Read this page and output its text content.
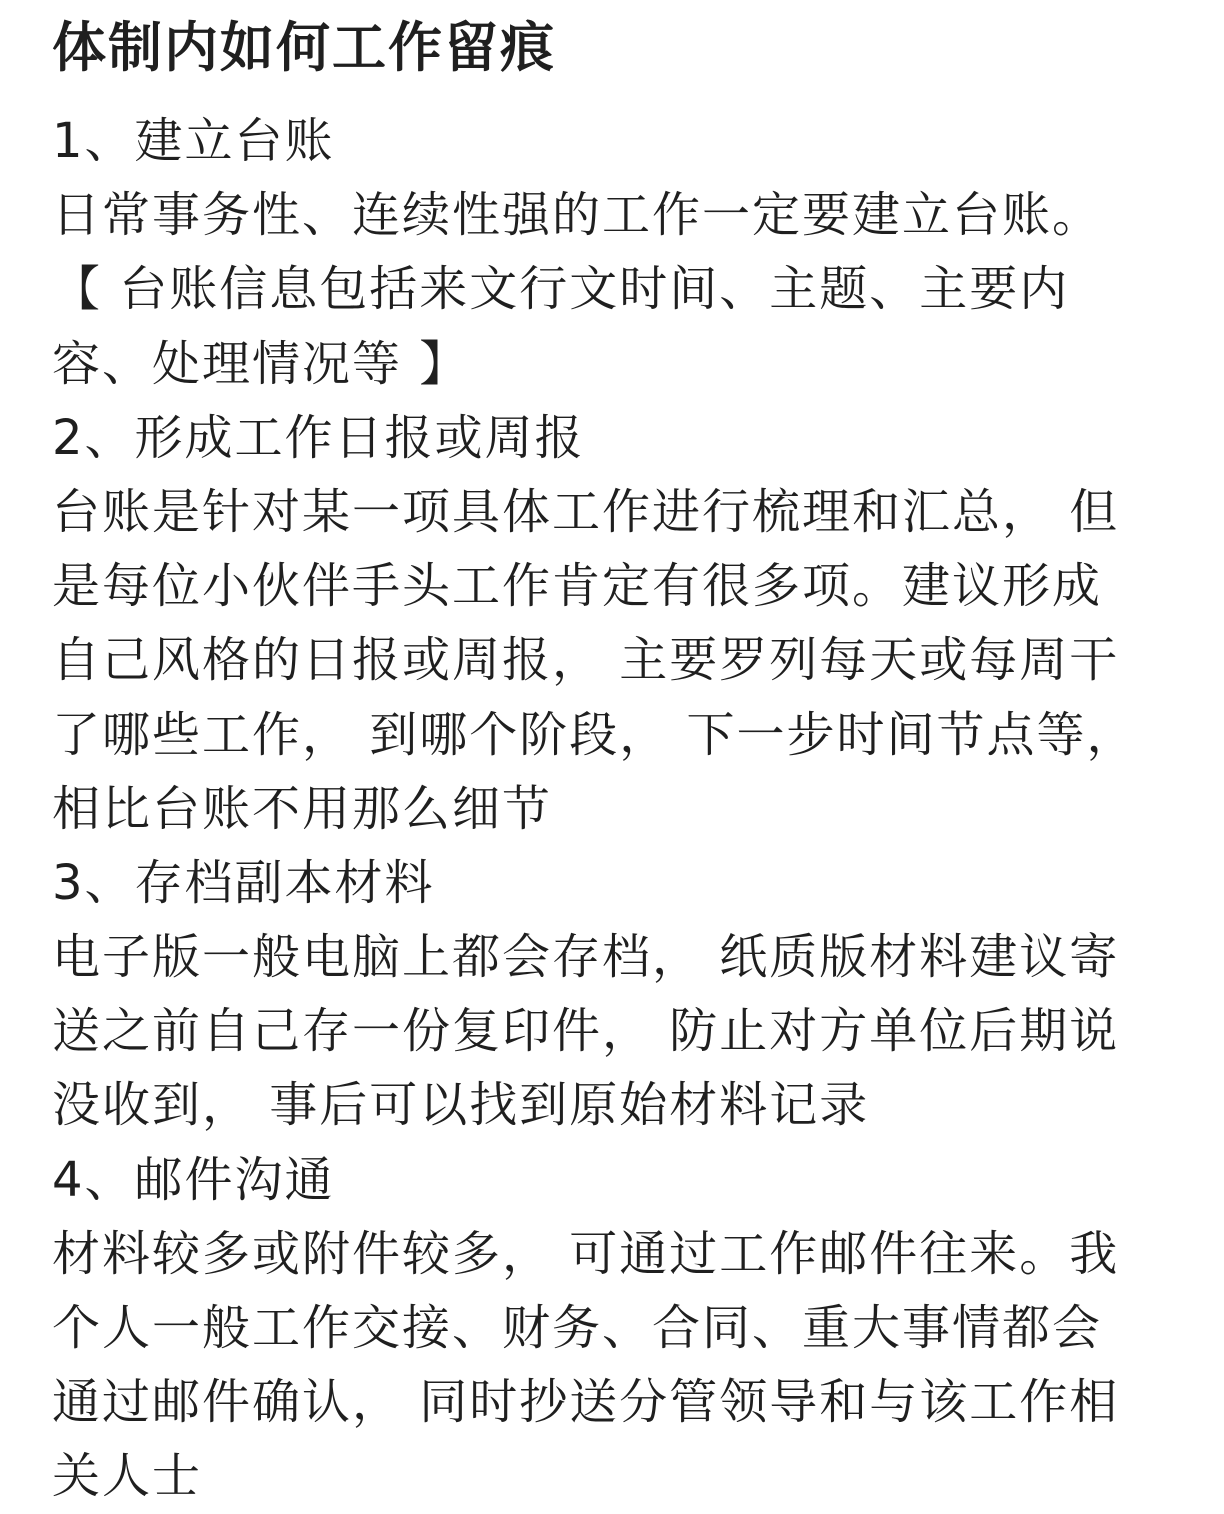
体制内如何工作留痕

1、建立台账

日常事务性、连续性强的工作一定要建立台账。

【 台账信息包括来文行文时间、主题、主要内

容、处理情况等 】

2、形成工作日报或周报

台账是针对某一项具体工作进行梳理和汇总， 但

是每位小伙伴手头工作肯定有很多项。建议形成

自己风格的日报或周报， 主要罗列每天或每周干

了哪些工作， 到哪个阶段， 下一步时间节点等，

相比台账不用那么细节

3、存档副本材料

电子版一般电脑上都会存档， 纸质版材料建议寄

送之前自己存一份复印件， 防止对方单位后期说

没收到， 事后可以找到原始材料记录

4、邮件沟通

材料较多或附件较多， 可通过工作邮件往来。我

个人一般工作交接、财务、合同、重大事情都会

通过邮件确认， 同时抄送分管领导和与该工作相

关人士
